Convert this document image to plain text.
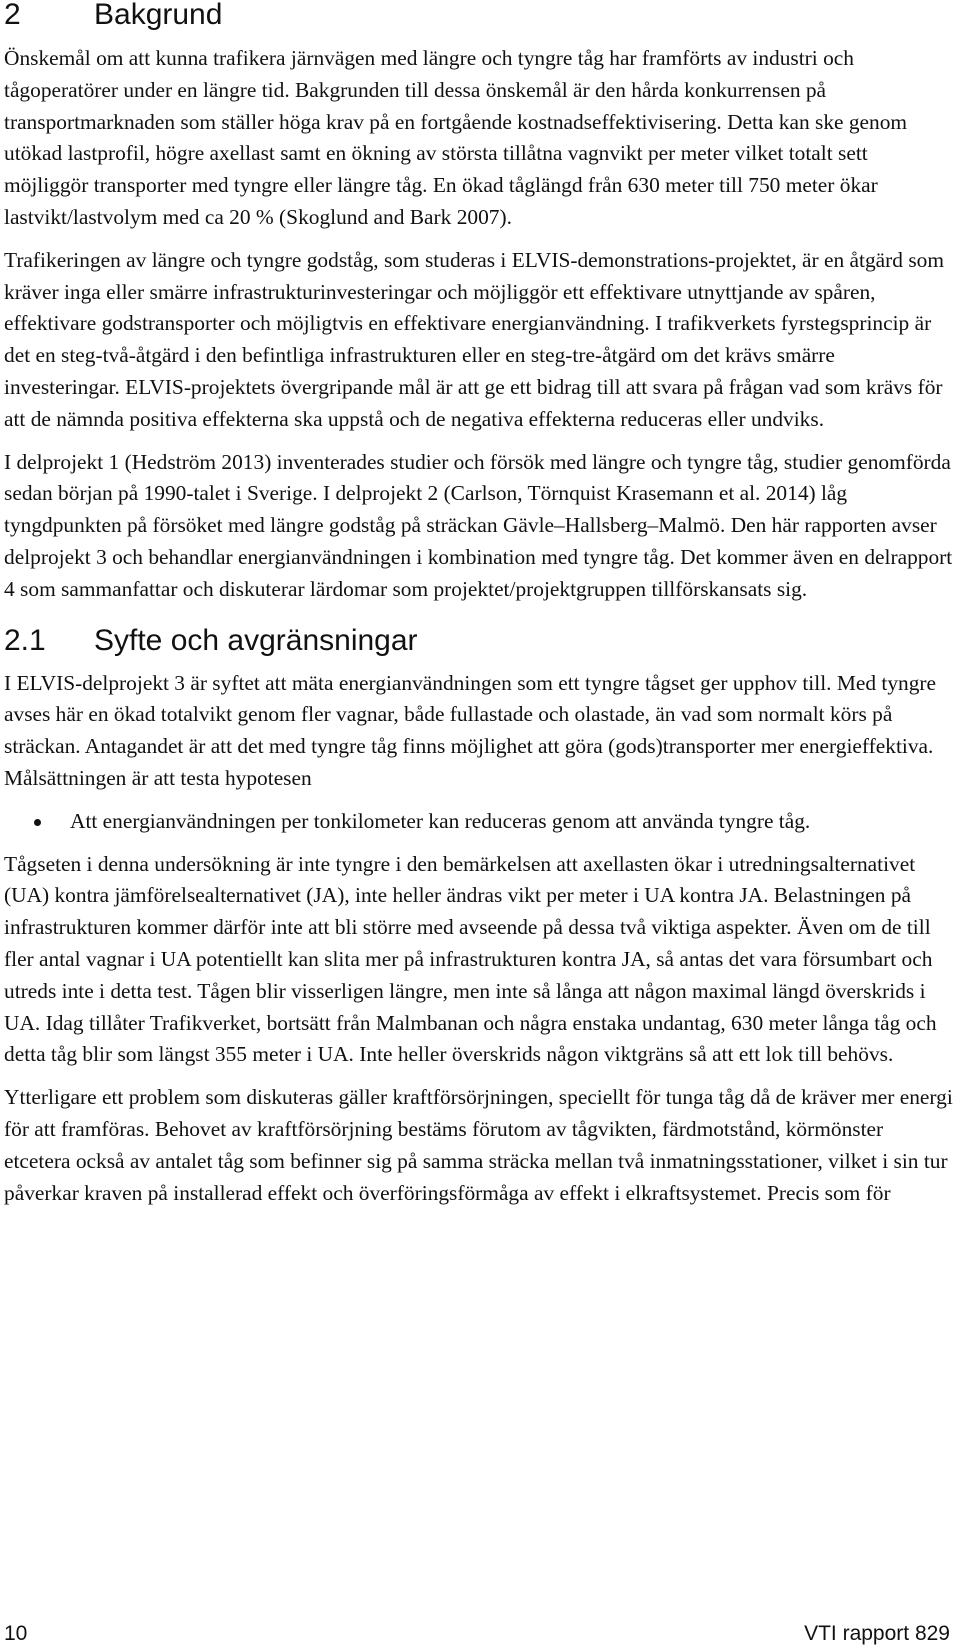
2 Bakgrund

Önskemål om att kunna trafikera järnvägen med längre och tyngre tåg har framförts av industri och tågoperatörer under en längre tid. Bakgrunden till dessa önskemål är den hårda konkurrensen på transportmarknaden som ställer höga krav på en fortgående kostnadseffektivisering. Detta kan ske genom utökad lastprofil, högre axellast samt en ökning av största tillåtna vagnvikt per meter vilket totalt sett möjliggör transporter med tyngre eller längre tåg. En ökad tåglängd från 630 meter till 750 meter ökar lastvikt/lastvolym med ca 20 % (Skoglund and Bark 2007).

Trafikeringen av längre och tyngre godståg, som studeras i ELVIS-demonstrations-projektet, är en åtgärd som kräver inga eller smärre infrastrukturinvesteringar och möjliggör ett effektivare utnyttjande av spåren, effektivare godstransporter och möjligtvis en effektivare energianvändning. I trafikverkets fyrstegsprincip är det en steg-två-åtgärd i den befintliga infrastrukturen eller en steg-tre-åtgärd om det krävs smärre investeringar. ELVIS-projektets övergripande mål är att ge ett bidrag till att svara på frågan vad som krävs för att de nämnda positiva effekterna ska uppstå och de negativa effekterna reduceras eller undviks.

I delprojekt 1 (Hedström 2013) inventerades studier och försök med längre och tyngre tåg, studier genomförda sedan början på 1990-talet i Sverige. I delprojekt 2 (Carlson, Törnquist Krasemann et al. 2014) låg tyngdpunkten på försöket med längre godståg på sträckan Gävle–Hallsberg–Malmö. Den här rapporten avser delprojekt 3 och behandlar energianvändningen i kombination med tyngre tåg. Det kommer även en delrapport 4 som sammanfattar och diskuterar lärdomar som projektet/projektgruppen tillförskansats sig.

2.1 Syfte och avgränsningar

I ELVIS-delprojekt 3 är syftet att mäta energianvändningen som ett tyngre tågset ger upphov till. Med tyngre avses här en ökad totalvikt genom fler vagnar, både fullastade och olastade, än vad som normalt körs på sträckan. Antagandet är att det med tyngre tåg finns möjlighet att göra (gods)transporter mer energieffektiva. Målsättningen är att testa hypotesen

Att energianvändningen per tonkilometer kan reduceras genom att använda tyngre tåg.

Tågseten i denna undersökning är inte tyngre i den bemärkelsen att axellasten ökar i utredningsalternativet (UA) kontra jämförelsealternativet (JA), inte heller ändras vikt per meter i UA kontra JA. Belastningen på infrastrukturen kommer därför inte att bli större med avseende på dessa två viktiga aspekter. Även om de till fler antal vagnar i UA potentiellt kan slita mer på infrastrukturen kontra JA, så antas det vara försumbart och utreds inte i detta test. Tågen blir visserligen längre, men inte så långa att någon maximal längd överskrids i UA. Idag tillåter Trafikverket, bortsätt från Malmbanan och några enstaka undantag, 630 meter långa tåg och detta tåg blir som längst 355 meter i UA. Inte heller överskrids någon viktgräns så att ett lok till behövs.

Ytterligare ett problem som diskuteras gäller kraftförsörjningen, speciellt för tunga tåg då de kräver mer energi för att framföras. Behovet av kraftförsörjning bestäms förutom av tågvikten, färdmotstånd, körmönster etcetera också av antalet tåg som befinner sig på samma sträcka mellan två inmatningsstationer, vilket i sin tur påverkar kraven på installerad effekt och överföringsförmåga av effekt i elkraftsystemet. Precis som för

10	VTI rapport 829
